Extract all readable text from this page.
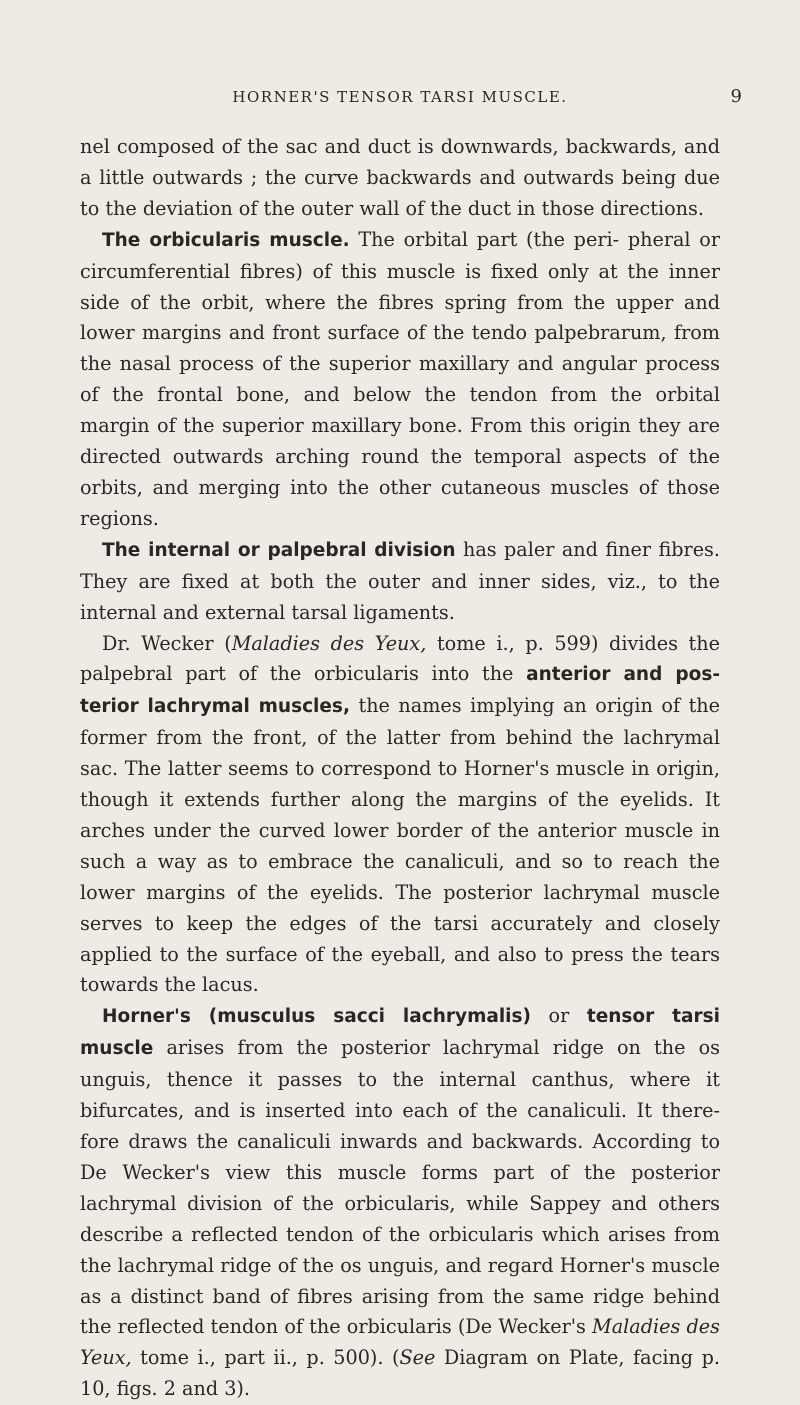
HORNER'S TENSOR TARSI MUSCLE.	9

nel composed of the sac and duct is downwards, backwards, and a little outwards ; the curve backwards and outwards being due to the deviation of the outer wall of the duct in those directions.

The orbicularis muscle. The orbital part (the peri- pheral or circumferential fibres) of this muscle is fixed only at the inner side of the orbit, where the fibres spring from the upper and lower margins and front surface of the tendo palpebrarum, from the nasal process of the superior maxillary and angular process of the frontal bone, and below the tendon from the orbital margin of the superior maxillary bone. From this origin they are directed outwards arching round the temporal aspects of the orbits, and merging into the other cutaneous muscles of those regions.

The internal or palpebral division has paler and finer fibres. They are fixed at both the outer and inner sides, viz., to the internal and external tarsal ligaments.

Dr. Wecker (Maladies des Yeux, tome i., p. 599) divides the palpebral part of the orbicularis into the anterior and pos- terior lachrymal muscles, the names implying an origin of the former from the front, of the latter from behind the lachrymal sac. The latter seems to correspond to Horner's muscle in origin, though it extends further along the margins of the eyelids. It arches under the curved lower border of the anterior muscle in such a way as to embrace the canaliculi, and so to reach the lower margins of the eyelids. The posterior lachrymal muscle serves to keep the edges of the tarsi accurately and closely applied to the surface of the eyeball, and also to press the tears towards the lacus.

Horner's (musculus sacci lachrymalis) or tensor tarsi muscle arises from the posterior lachrymal ridge on the os unguis, thence it passes to the internal canthus, where it bifurcates, and is inserted into each of the canaliculi. It there- fore draws the canaliculi inwards and backwards. According to De Wecker's view this muscle forms part of the posterior lachrymal division of the orbicularis, while Sappey and others describe a reflected tendon of the orbicularis which arises from the lachrymal ridge of the os unguis, and regard Horner's muscle as a distinct band of fibres arising from the same ridge behind the reflected tendon of the orbicularis (De Wecker's Maladies des Yeux, tome i., part ii., p. 500). (See Diagram on Plate, facing p. 10, figs. 2 and 3).
